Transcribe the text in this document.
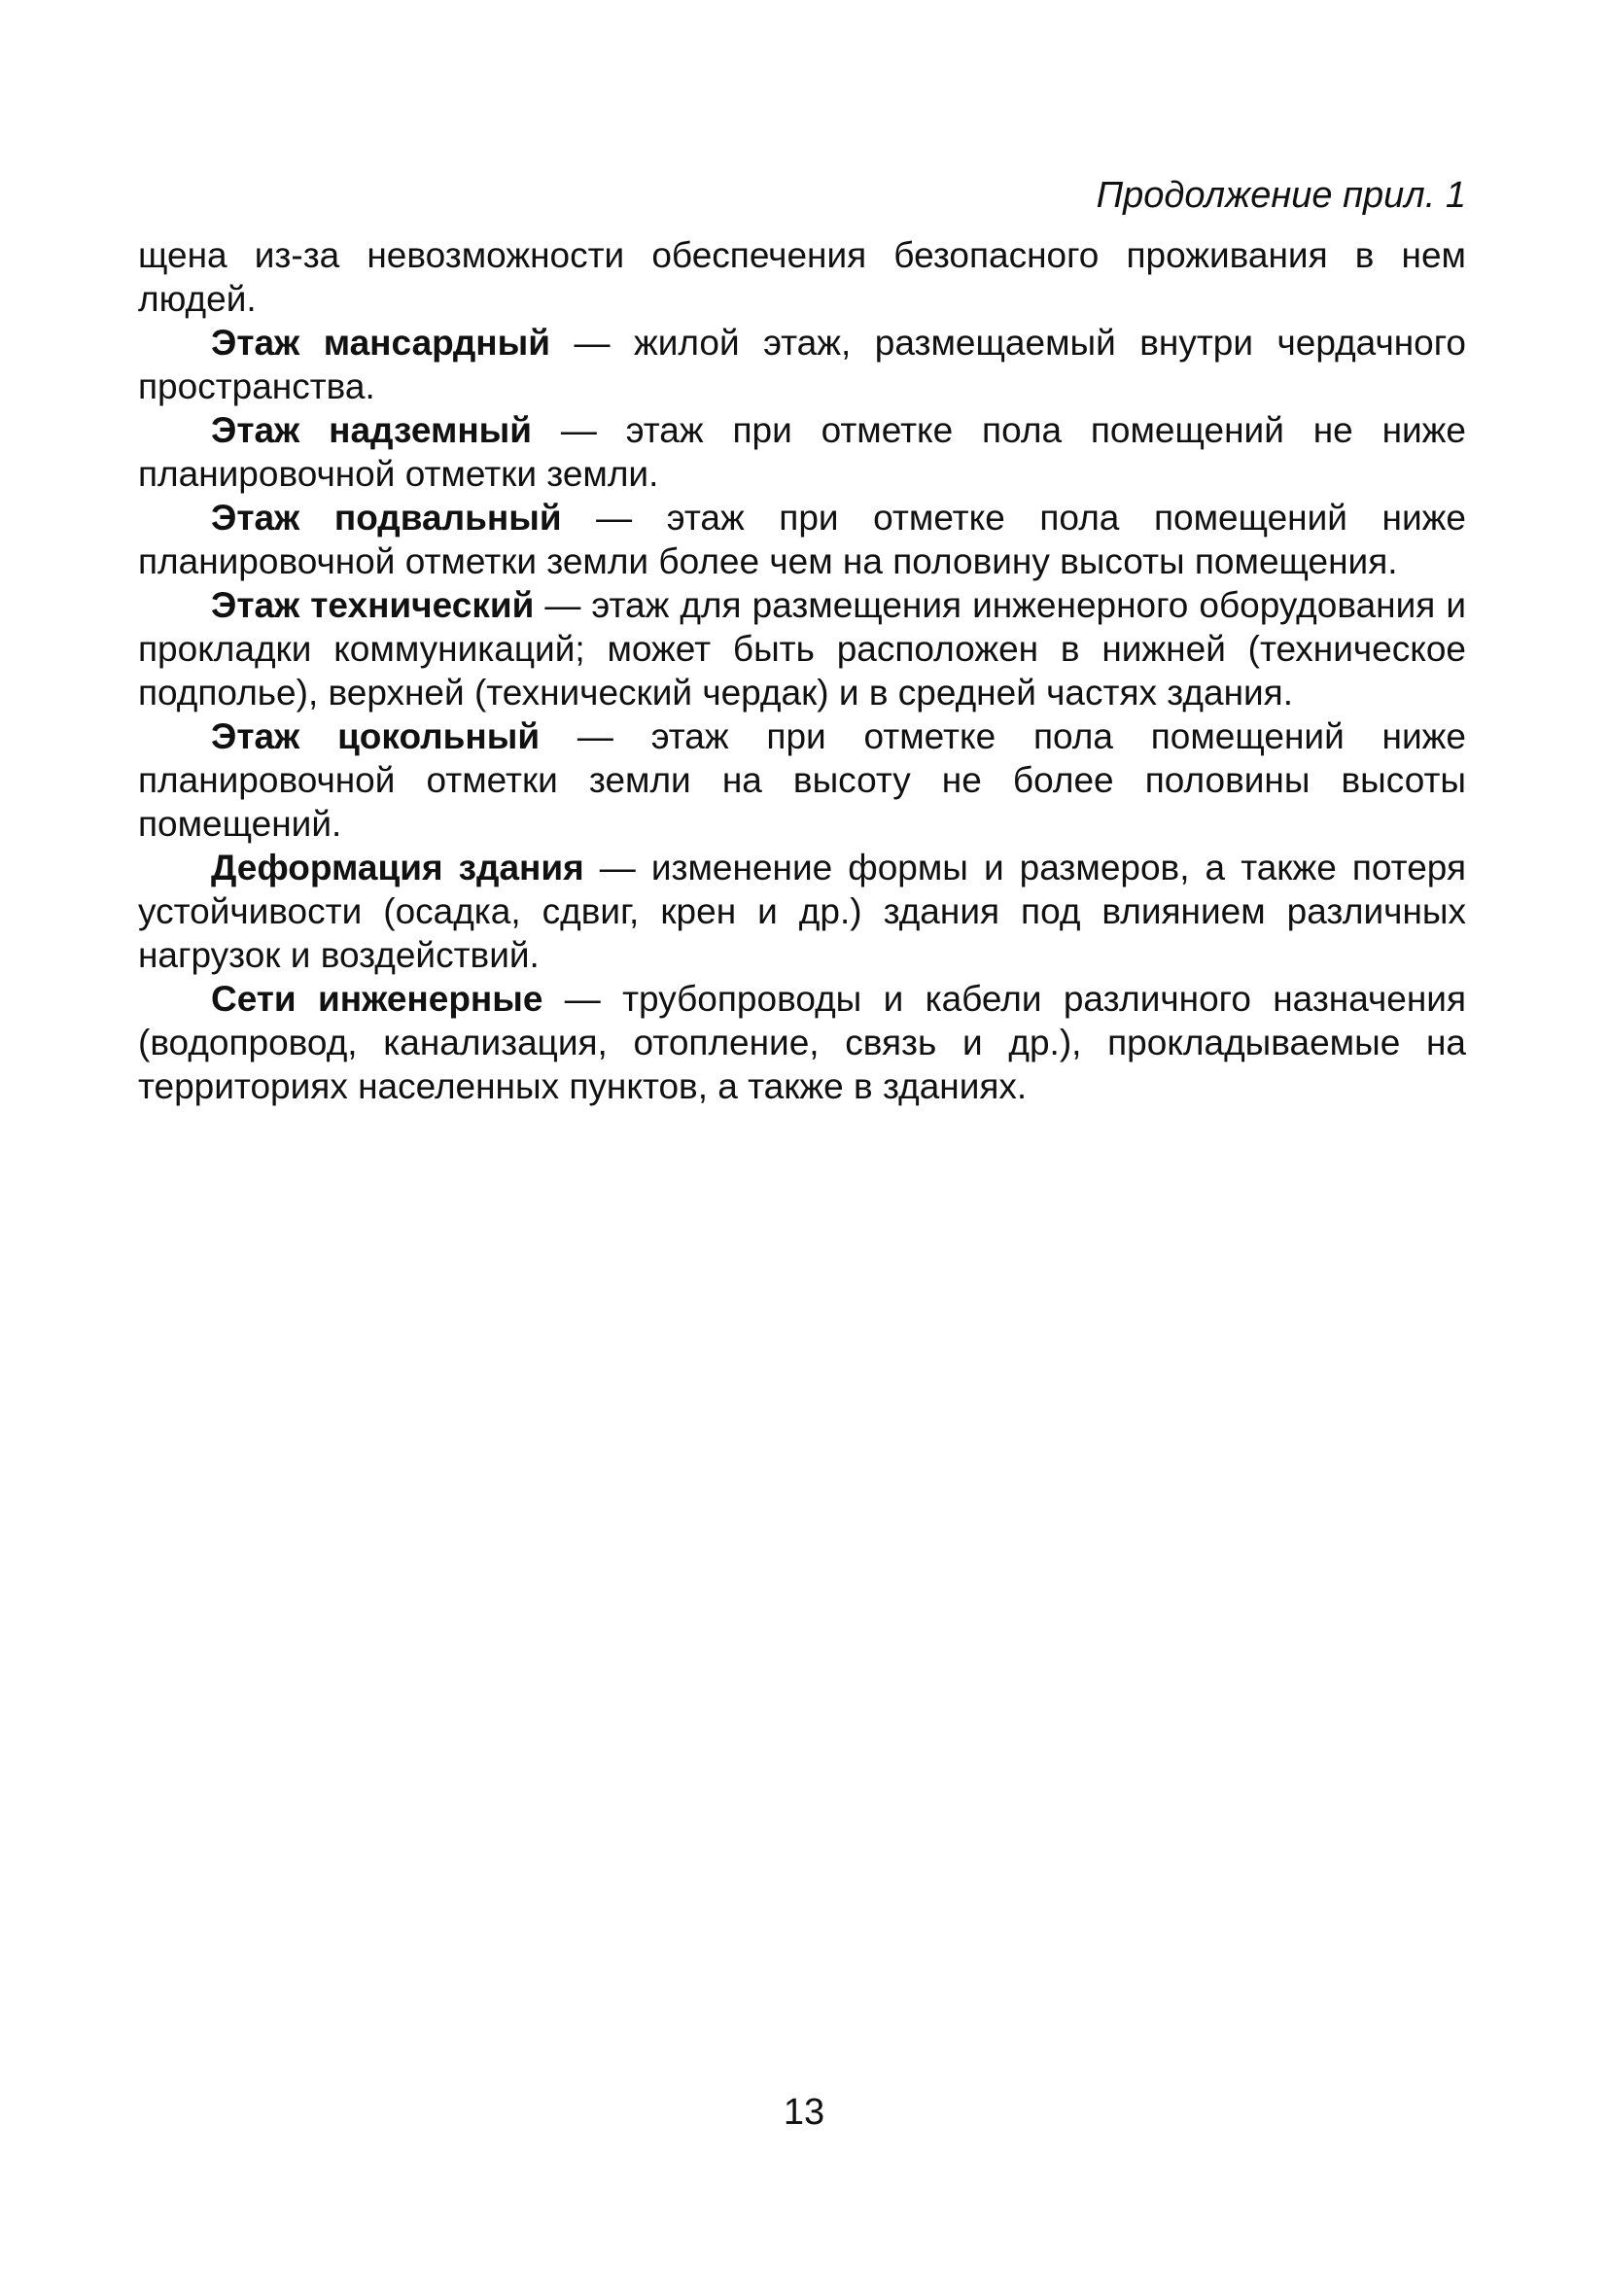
Продолжение прил. 1

щена из-за невозможности обеспечения безопасного проживания в нем людей.

Этаж мансардный — жилой этаж, размещаемый внутри чердачного пространства.

Этаж надземный — этаж при отметке пола помещений не ниже планировочной отметки земли.

Этаж подвальный — этаж при отметке пола помещений ниже планировочной отметки земли более чем на половину высоты помещения.

Этаж технический — этаж для размещения инженерного оборудования и прокладки коммуникаций; может быть расположен в нижней (техническое подполье), верхней (технический чердак) и в средней частях здания.

Этаж цокольный — этаж при отметке пола помещений ниже планировочной отметки земли на высоту не более половины высоты помещений.

Деформация здания — изменение формы и размеров, а также потеря устойчивости (осадка, сдвиг, крен и др.) здания под влиянием различных нагрузок и воздействий.

Сети инженерные — трубопроводы и кабели различного назначения (водопровод, канализация, отопление, связь и др.), прокладываемые на территориях населенных пунктов, а также в зданиях.

13
